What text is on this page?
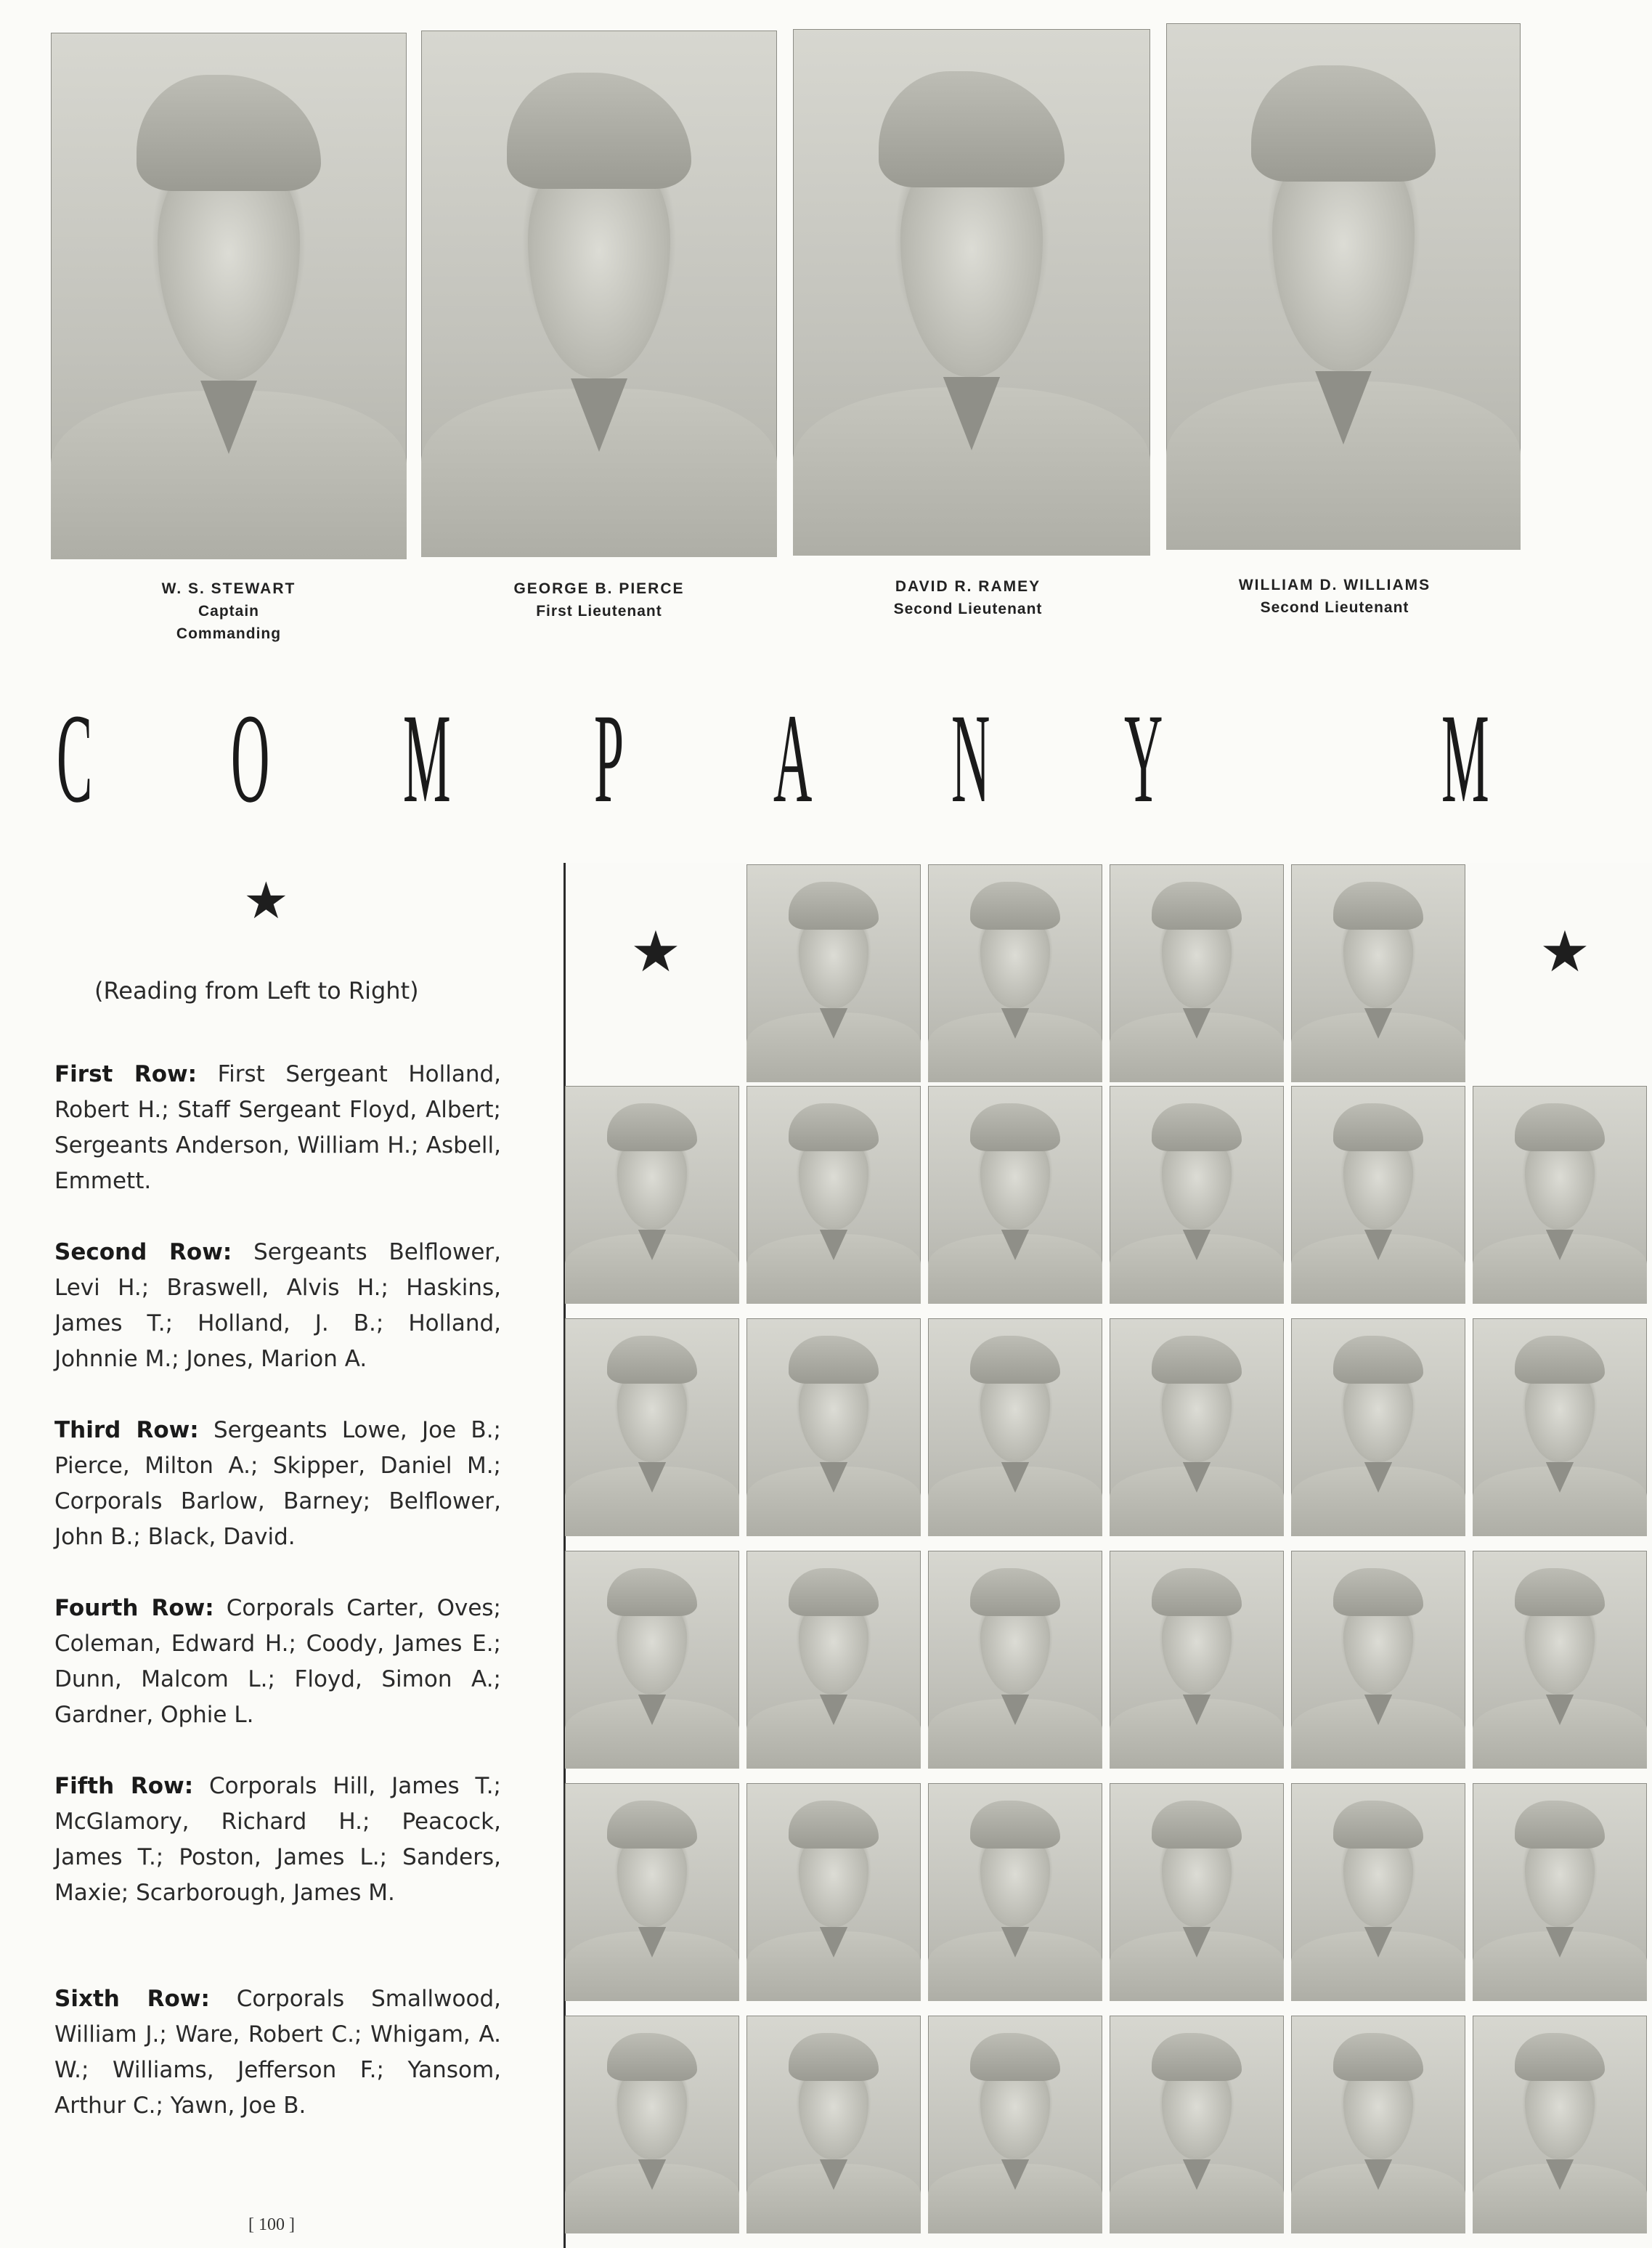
W. S. STEWART
Captain
Commanding
GEORGE B. PIERCE
First Lieutenant
DAVID R. RAMEY
Second Lieutenant
WILLIAM D. WILLIAMS
Second Lieutenant
C O M P A N Y M
★
(Reading from Left to Right)
First Row: First Sergeant Holland, Robert H.; Staff Sergeant Floyd, Albert; Sergeants Anderson, William H.; Asbell, Emmett.
Second Row: Sergeants Belflower, Levi H.; Braswell, Alvis H.; Haskins, James T.; Holland, J. B.; Holland, Johnnie M.; Jones, Marion A.
Third Row: Sergeants Lowe, Joe B.; Pierce, Milton A.; Skipper, Daniel M.; Corporals Barlow, Barney; Belflower, John B.; Black, David.
Fourth Row: Corporals Carter, Oves; Coleman, Edward H.; Coody, James E.; Dunn, Malcom L.; Floyd, Simon A.; Gardner, Ophie L.
Fifth Row: Corporals Hill, James T.; McGlamory, Richard H.; Peacock, James T.; Poston, James L.; Sanders, Maxie; Scarborough, James M.
Sixth Row: Corporals Smallwood, William J.; Ware, Robert C.; Whigam, A. W.; Williams, Jefferson F.; Yansom, Arthur C.; Yawn, Joe B.
★	★
[ 100 ]
